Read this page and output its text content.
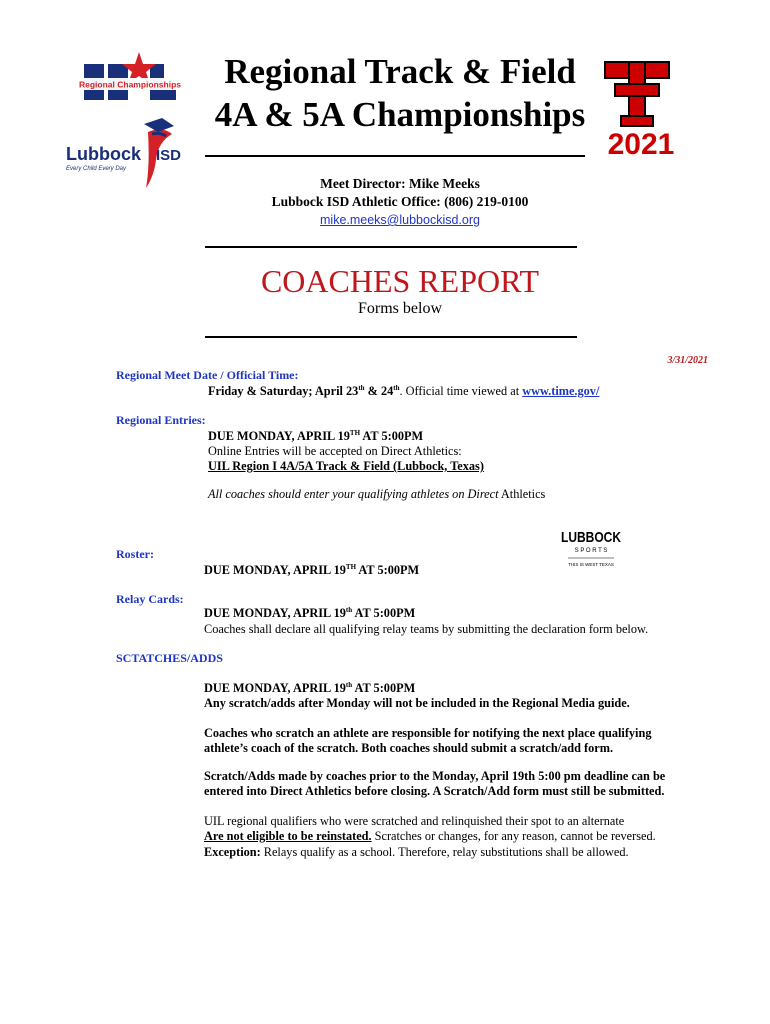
Regional Championships
Lubbock ISD
Every Child Every Day
2021
Regional Track & Field
4A & 5A Championships
Meet Director: Mike Meeks
Lubbock ISD Athletic Office: (806) 219-0100
mike.meeks@lubbockisd.org
COACHES REPORT
Forms below
3/31/2021
Regional Meet Date / Official Time:
Friday & Saturday; April 23th & 24th. Official time viewed at www.time.gov/
Regional Entries:
DUE MONDAY, APRIL 19TH AT 5:00PM
Online Entries will be accepted on Direct Athletics:
UIL Region I 4A/5A Track & Field (Lubbock, Texas)
All coaches should enter your qualifying athletes on Direct Athletics
LUBBOCK
S P O R T S
THIS IS WEST TEXAS
Roster:
DUE MONDAY, APRIL 19TH AT 5:00PM
Relay Cards:
DUE MONDAY, APRIL 19th AT 5:00PM
Coaches shall declare all qualifying relay teams by submitting the declaration form below.
SCTATCHES/ADDS
DUE MONDAY, APRIL 19th AT 5:00PM
Any scratch/adds after Monday will not be included in the Regional Media guide.
Coaches who scratch an athlete are responsible for notifying the next place qualifying
athlete’s coach of the scratch. Both coaches should submit a scratch/add form.
Scratch/Adds made by coaches prior to the Monday, April 19th 5:00 pm deadline can be
entered into Direct Athletics before closing. A Scratch/Add form must still be submitted.
UIL regional qualifiers who were scratched and relinquished their spot to an alternate
Are not eligible to be reinstated. Scratches or changes, for any reason, cannot be reversed.
Exception: Relays qualify as a school. Therefore, relay substitutions shall be allowed.
